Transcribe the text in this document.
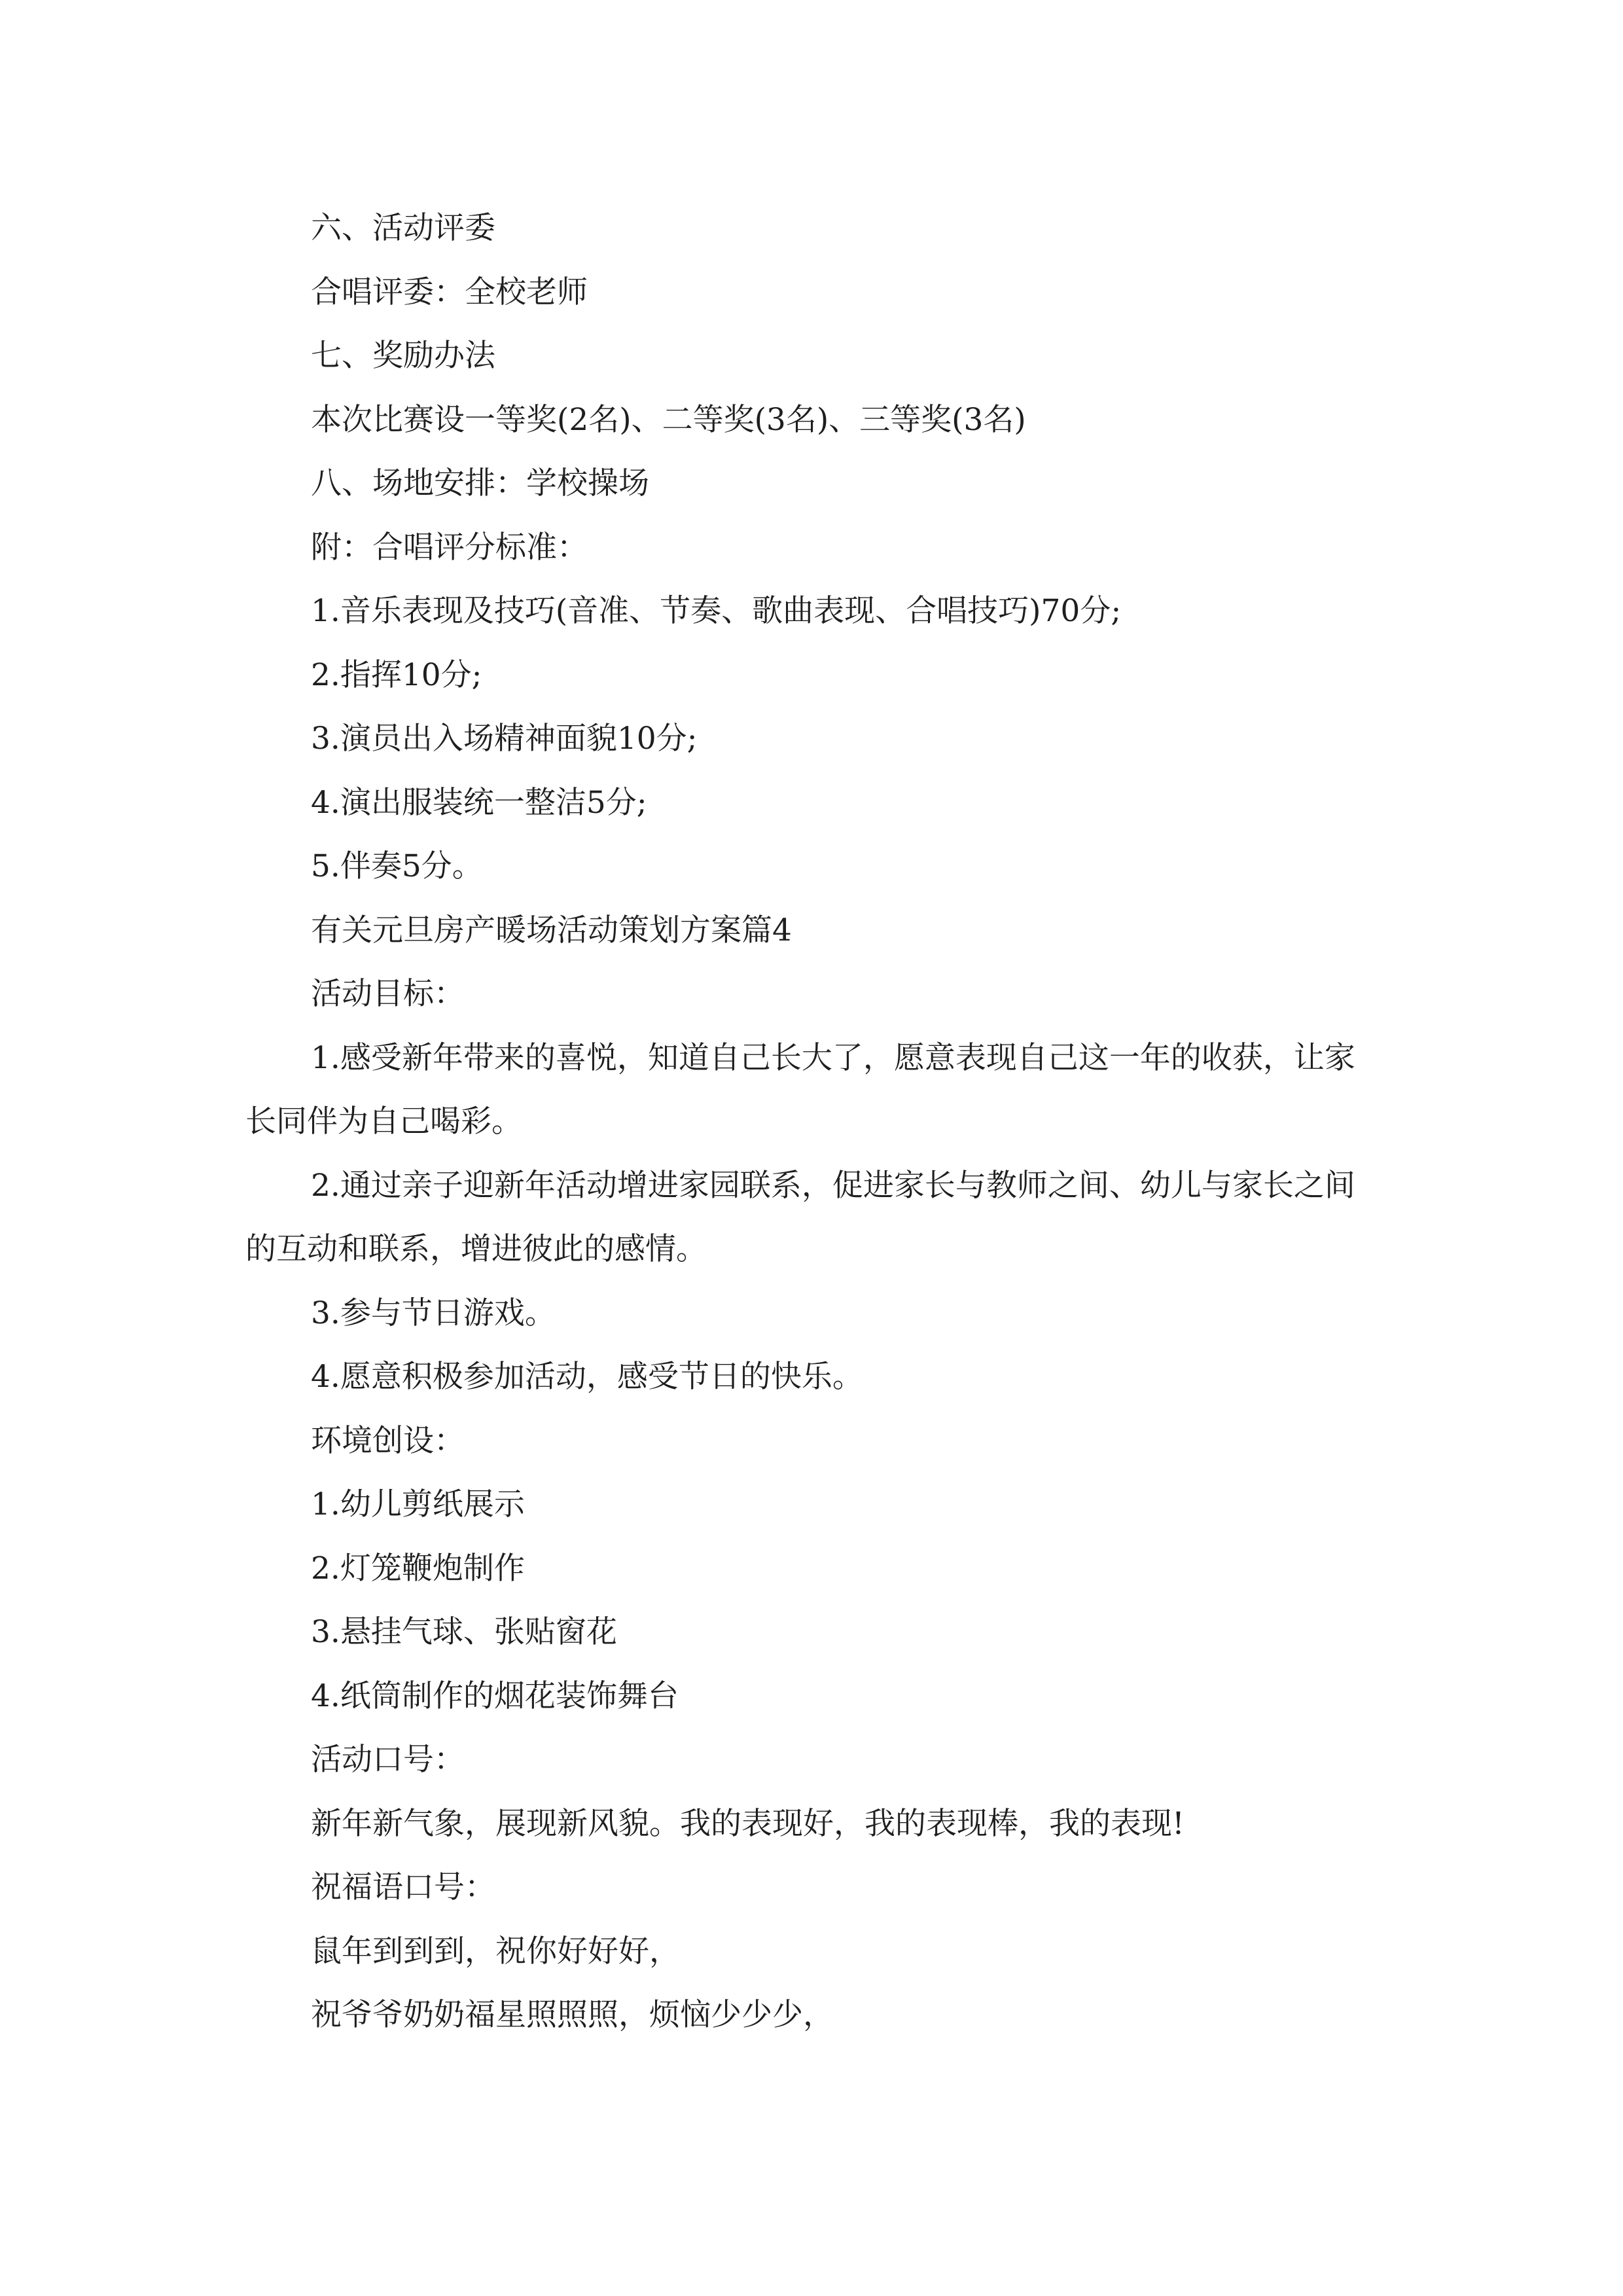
六、活动评委

合唱评委：全校老师

七、奖励办法

本次比赛设一等奖(2名)、二等奖(3名)、三等奖(3名)

八、场地安排：学校操场

附：合唱评分标准：

1.音乐表现及技巧(音准、节奏、歌曲表现、合唱技巧)70分;

2.指挥10分;

3.演员出入场精神面貌10分;

4.演出服装统一整洁5分;

5.伴奏5分。

有关元旦房产暖场活动策划方案篇4

活动目标：

1.感受新年带来的喜悦，知道自己长大了，愿意表现自己这一年的收获，让家长同伴为自己喝彩。

2.通过亲子迎新年活动增进家园联系，促进家长与教师之间、幼儿与家长之间的互动和联系，增进彼此的感情。

3.参与节日游戏。

4.愿意积极参加活动，感受节日的快乐。

环境创设：

1.幼儿剪纸展示

2.灯笼鞭炮制作

3.悬挂气球、张贴窗花

4.纸筒制作的烟花装饰舞台

活动口号：

新年新气象，展现新风貌。我的表现好，我的表现棒，我的表现!

祝福语口号：

鼠年到到到，祝你好好好，

祝爷爷奶奶福星照照照，烦恼少少少，
